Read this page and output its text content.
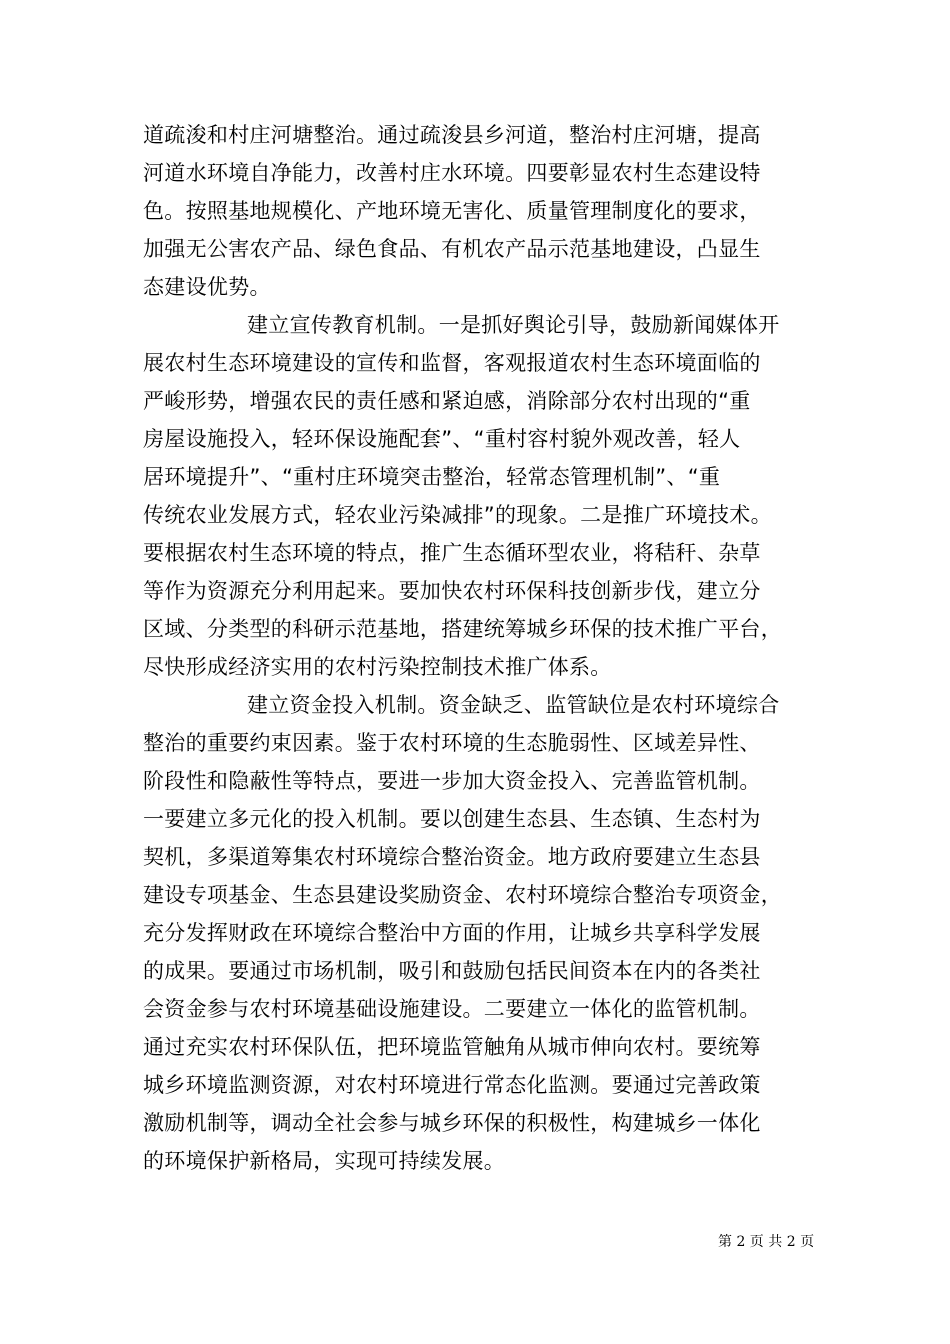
道疏浚和村庄河塘整治。通过疏浚县乡河道，整治村庄河塘，提高
河道水环境自净能力，改善村庄水环境。四要彰显农村生态建设特
色。按照基地规模化、产地环境无害化、质量管理制度化的要求，
加强无公害农产品、绿色食品、有机农产品示范基地建设，凸显生
态建设优势。
建立宣传教育机制。一是抓好舆论引导，鼓励新闻媒体开
展农村生态环境建设的宣传和监督，客观报道农村生态环境面临的
严峻形势，增强农民的责任感和紧迫感，消除部分农村出现的“重
房屋设施投入，轻环保设施配套”、“重村容村貌外观改善，轻人
居环境提升”、“重村庄环境突击整治，轻常态管理机制”、“重
传统农业发展方式，轻农业污染减排”的现象。二是推广环境技术。
要根据农村生态环境的特点，推广生态循环型农业，将秸秆、杂草
等作为资源充分利用起来。要加快农村环保科技创新步伐，建立分
区域、分类型的科研示范基地，搭建统筹城乡环保的技术推广平台，
尽快形成经济实用的农村污染控制技术推广体系。
建立资金投入机制。资金缺乏、监管缺位是农村环境综合
整治的重要约束因素。鉴于农村环境的生态脆弱性、区域差异性、
阶段性和隐蔽性等特点，要进一步加大资金投入、完善监管机制。
一要建立多元化的投入机制。要以创建生态县、生态镇、生态村为
契机，多渠道筹集农村环境综合整治资金。地方政府要建立生态县
建设专项基金、生态县建设奖励资金、农村环境综合整治专项资金，
充分发挥财政在环境综合整治中方面的作用，让城乡共享科学发展
的成果。要通过市场机制，吸引和鼓励包括民间资本在内的各类社
会资金参与农村环境基础设施建设。二要建立一体化的监管机制。
通过充实农村环保队伍，把环境监管触角从城市伸向农村。要统筹
城乡环境监测资源，对农村环境进行常态化监测。要通过完善政策
激励机制等，调动全社会参与城乡环保的积极性，构建城乡一体化
的环境保护新格局，实现可持续发展。
第 2 页 共 2 页
